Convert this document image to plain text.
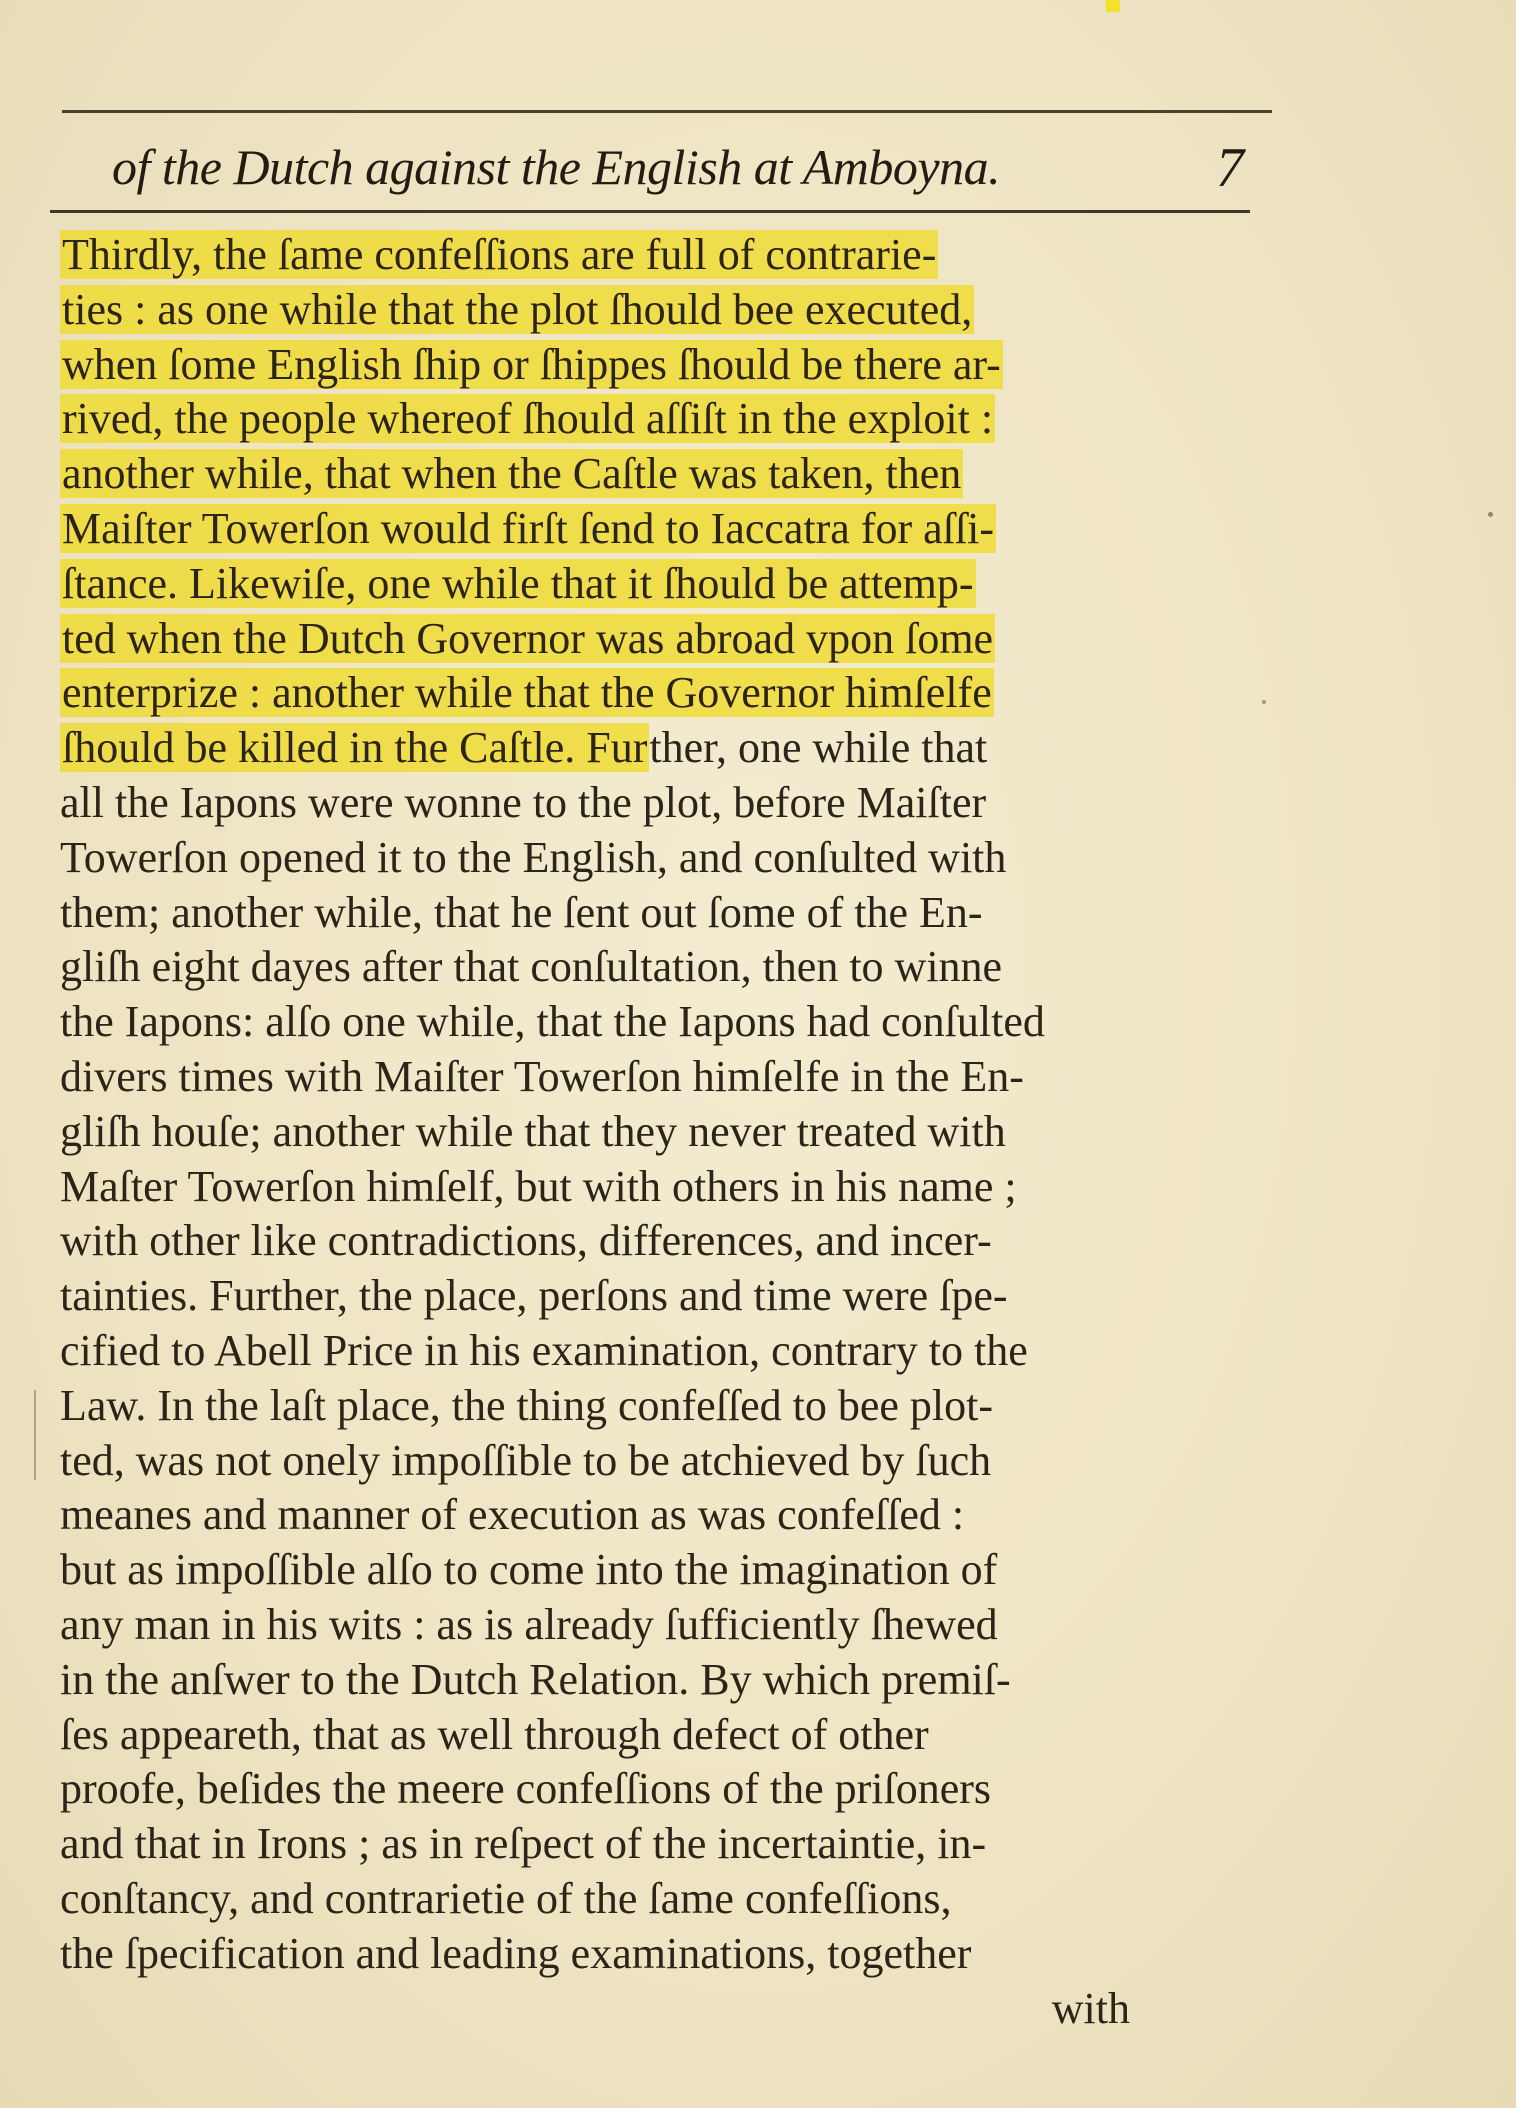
of the Dutch against the English at Amboyna.	7
Thirdly, the ſame confeſſions are full of contrarie-
ties : as one while that the plot ſhould bee executed,
when ſome English ſhip or ſhippes ſhould be there ar-
rived, the people whereof ſhould aſſiſt in the exploit :
another while, that when the Caſtle was taken, then
Maiſter Towerſon would firſt ſend to Iaccatra for aſſi-
ſtance. Likewiſe, one while that it ſhould be attemp-
ted when the Dutch Governor was abroad vpon ſome
enterprize : another while that the Governor himſelfe
ſhould be killed in the Caſtle. Further, one while that
all the Iapons were wonne to the plot, before Maiſter
Towerſon opened it to the English, and conſulted with
them; another while, that he ſent out ſome of the En-
gliſh eight dayes after that conſultation, then to winne
the Iapons: alſo one while, that the Iapons had conſulted
divers times with Maiſter Towerſon himſelfe in the En-
gliſh houſe; another while that they never treated with
Maſter Towerſon himſelf, but with others in his name ;
with other like contradictions, differences, and incer-
tainties. Further, the place, perſons and time were ſpe-
cified to Abell Price in his examination, contrary to the
Law. In the laſt place, the thing confeſſed to bee plot-
ted, was not onely impoſſible to be atchieved by ſuch
meanes and manner of execution as was confeſſed :
but as impoſſible alſo to come into the imagination of
any man in his wits : as is already ſufficiently ſhewed
in the anſwer to the Dutch Relation. By which premiſ-
ſes appeareth, that as well through defect of other
proofe, beſides the meere confeſſions of the priſoners
and that in Irons ; as in reſpect of the incertaintie, in-
conſtancy, and contrarietie of the ſame confeſſions,
the ſpecification and leading examinations, together
with
